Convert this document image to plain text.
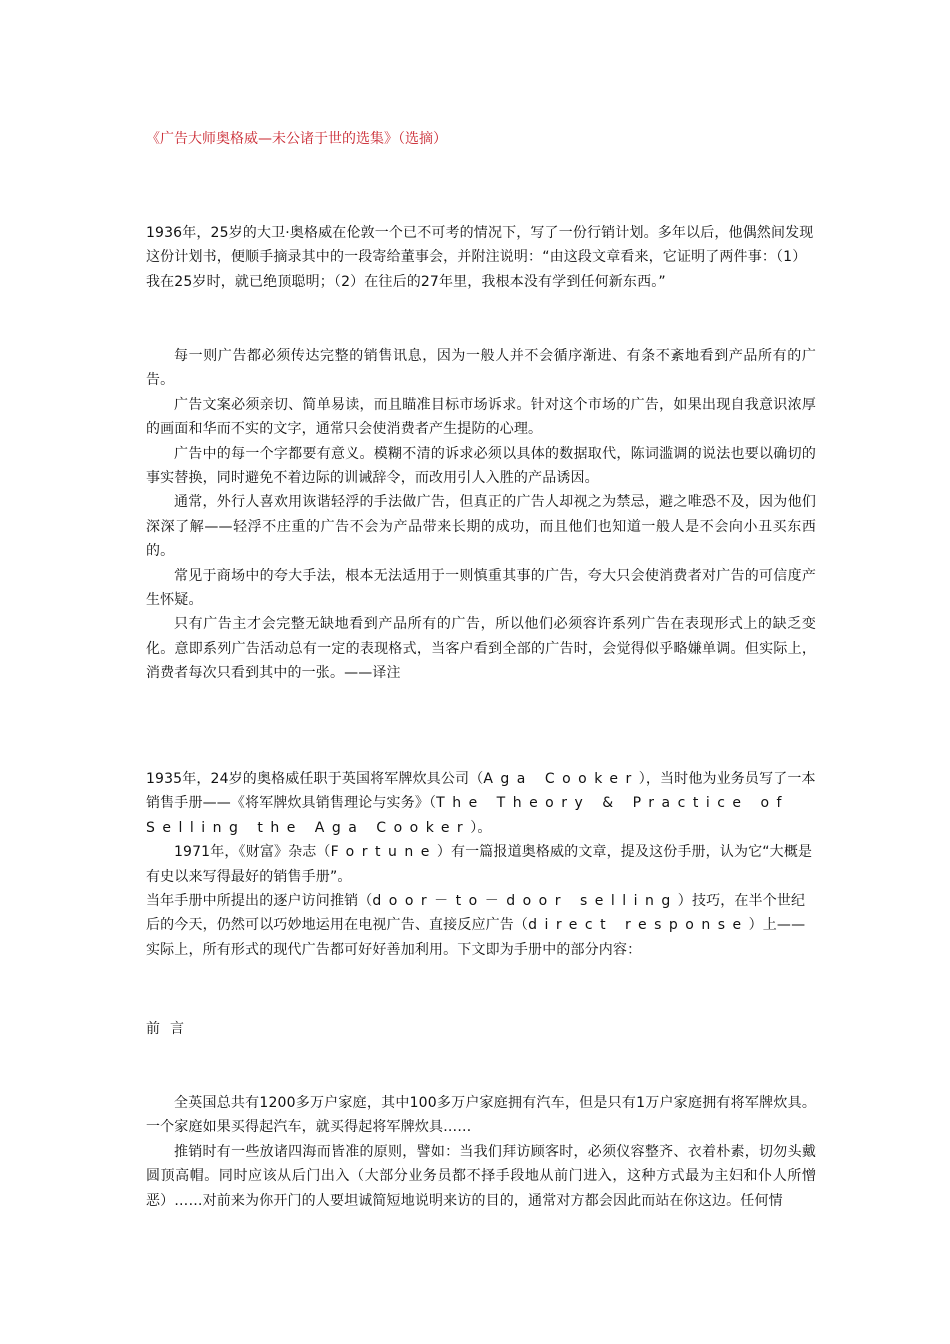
《广告大师奥格威—未公诸于世的选集》（选摘）

1936年，25岁的大卫·奥格威在伦敦一个已不可考的情况下，写了一份行销计划。多年以后，他偶然间发现这份计划书，便顺手摘录其中的一段寄给董事会，并附注说明：“由这段文章看来，它证明了两件事：（1）我在25岁时，就已绝顶聪明；（2）在往后的27年里，我根本没有学到任何新东西。”

每一则广告都必须传达完整的销售讯息，因为一般人并不会循序渐进、有条不紊地看到产品所有的广告。

广告文案必须亲切、简单易读，而且瞄准目标市场诉求。针对这个市场的广告，如果出现自我意识浓厚的画面和华而不实的文字，通常只会使消费者产生提防的心理。

广告中的每一个字都要有意义。模糊不清的诉求必须以具体的数据取代，陈词滥调的说法也要以确切的事实替换，同时避免不着边际的训诫辞令，而改用引人入胜的产品诱因。

通常，外行人喜欢用诙谐轻浮的手法做广告，但真正的广告人却视之为禁忌，避之唯恐不及，因为他们深深了解——轻浮不庄重的广告不会为产品带来长期的成功，而且他们也知道一般人是不会向小丑买东西的。

常见于商场中的夸大手法，根本无法适用于一则慎重其事的广告，夸大只会使消费者对广告的可信度产生怀疑。

只有广告主才会完整无缺地看到产品所有的广告，所以他们必须容许系列广告在表现形式上的缺乏变化。意即系列广告活动总有一定的表现格式，当客户看到全部的广告时，会觉得似乎略嫌单调。但实际上，消费者每次只看到其中的一张。——译注

1935年，24岁的奥格威任职于英国将军牌炊具公司（Aga Cooker），当时他为业务员写了一本销售手册——《将军牌炊具销售理论与实务》（The Theory & Practice of Selling the Aga Cooker）。

1971年，《财富》杂志（Fortune）有一篇报道奥格威的文章，提及这份手册，认为它“大概是有史以来写得最好的销售手册”。

当年手册中所提出的逐户访问推销（door－to－door selling）技巧，在半个世纪后的今天，仍然可以巧妙地运用在电视广告、直接反应广告（direct response）上——实际上，所有形式的现代广告都可好好善加利用。下文即为手册中的部分内容：

前言

全英国总共有1200多万户家庭，其中100多万户家庭拥有汽车，但是只有1万户家庭拥有将军牌炊具。一个家庭如果买得起汽车，就买得起将军牌炊具……

推销时有一些放诸四海而皆准的原则，譬如：当我们拜访顾客时，必须仪容整齐、衣着朴素，切勿头戴圆顶高帽。同时应该从后门出入（大部分业务员都不择手段地从前门进入，这种方式最为主妇和仆人所憎恶）……对前来为你开门的人要坦诚简短地说明来访的目的，通常对方都会因此而站在你这边。任何情
